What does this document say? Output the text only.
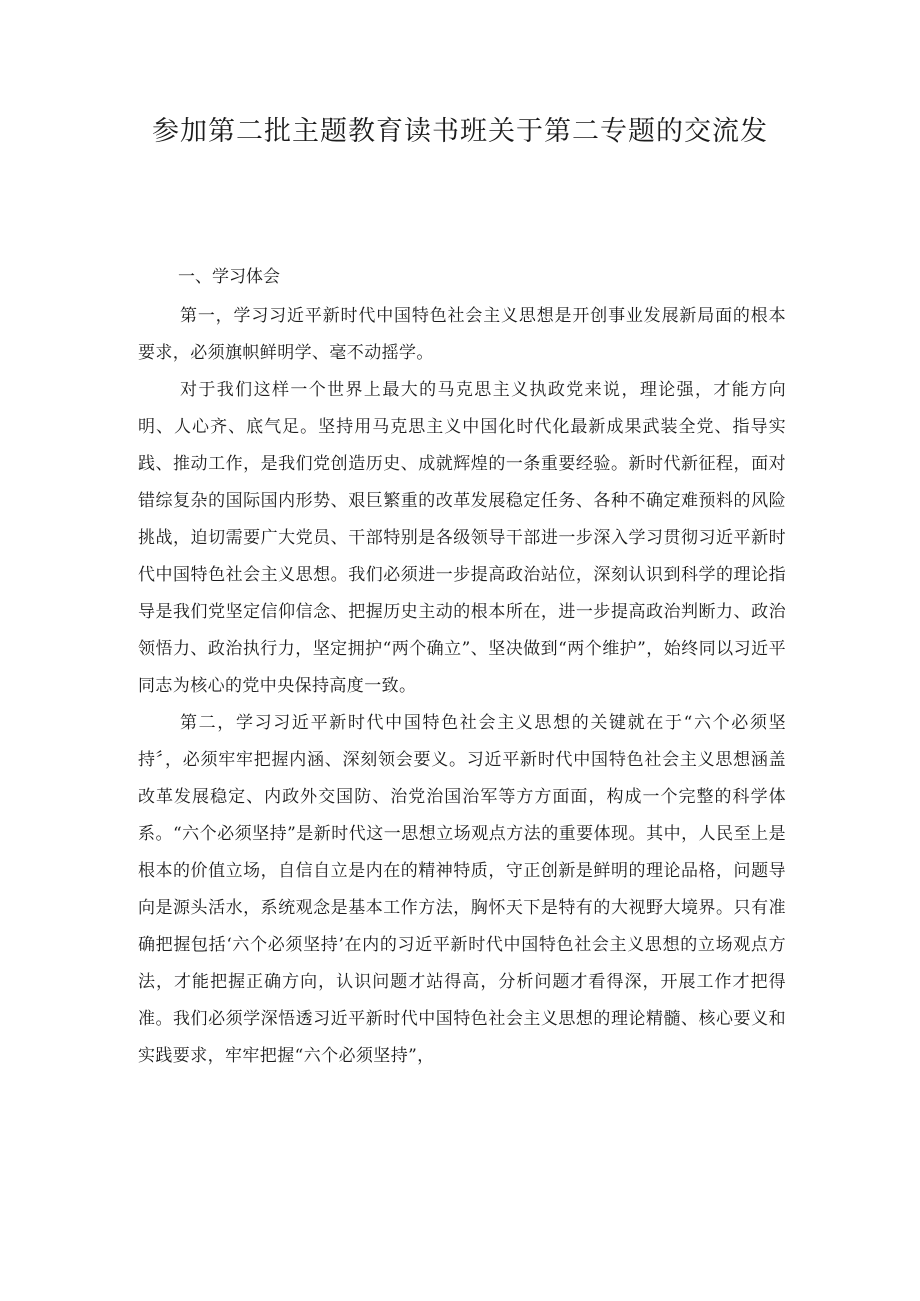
参加第二批主题教育读书班关于第二专题的交流发
一、学习体会

第一，学习习近平新时代中国特色社会主义思想是开创事业发展新局面的根本要求，必须旗帜鲜明学、毫不动摇学。

对于我们这样一个世界上最大的马克思主义执政党来说，理论强，才能方向明、人心齐、底气足。坚持用马克思主义中国化时代化最新成果武装全党、指导实践、推动工作，是我们党创造历史、成就辉煌的一条重要经验。新时代新征程，面对错综复杂的国际国内形势、艰巨繁重的改革发展稳定任务、各种不确定难预料的风险挑战，迫切需要广大党员、干部特别是各级领导干部进一步深入学习贯彻习近平新时代中国特色社会主义思想。我们必须进一步提高政治站位，深刻认识到科学的理论指导是我们党坚定信仰信念、把握历史主动的根本所在，进一步提高政治判断力、政治领悟力、政治执行力，坚定拥护“两个确立”、坚决做到“两个维护”，始终同以习近平同志为核心的党中央保持高度一致。

第二，学习习近平新时代中国特色社会主义思想的关键就在于“六个必须坚持〞，必须牢牢把握内涵、深刻领会要义。习近平新时代中国特色社会主义思想涵盖改革发展稳定、内政外交国防、治党治国治军等方方面面，构成一个完整的科学体系。“六个必须坚持”是新时代这一思想立场观点方法的重要体现。其中，人民至上是根本的价值立场，自信自立是内在的精神特质，守正创新是鲜明的理论品格，问题导向是源头活水，系统观念是基本工作方法，胸怀天下是特有的大视野大境界。只有准确把握包括‘六个必须坚持’在内的习近平新时代中国特色社会主义思想的立场观点方法，才能把握正确方向，认识问题才站得高，分析问题才看得深，开展工作才把得准。我们必须学深悟透习近平新时代中国特色社会主义思想的理论精髓、核心要义和实践要求，牢牢把握“六个必须坚持”，
